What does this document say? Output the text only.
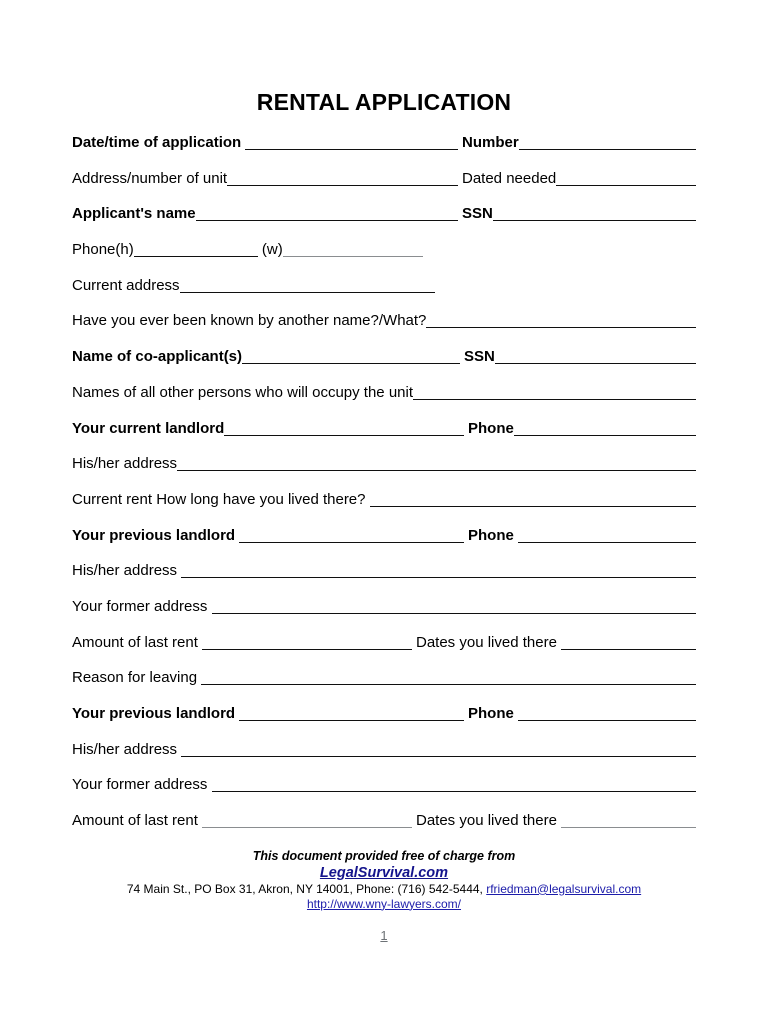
RENTAL APPLICATION
Date/time of application	Number
Address/number of unit	Dated needed
Applicant's name	SSN
Phone(h)	(w)
Current address
Have you ever been known by another name?/What?
Name of co-applicant(s)	SSN
Names of all other persons who will occupy the unit
Your current landlord	Phone
His/her address
Current rent How long have you lived there?
Your previous landlord	Phone
His/her address
Your former address
Amount of last rent	Dates you lived there
Reason for leaving
Your previous landlord	Phone
His/her address
Your former address
Amount of last rent	Dates you lived there
This document provided free of charge from
LegalSurvival.com
74 Main St., PO Box 31, Akron, NY 14001, Phone: (716) 542-5444, rfriedman@legalsurvival.com
http://www.wny-lawyers.com/
1
